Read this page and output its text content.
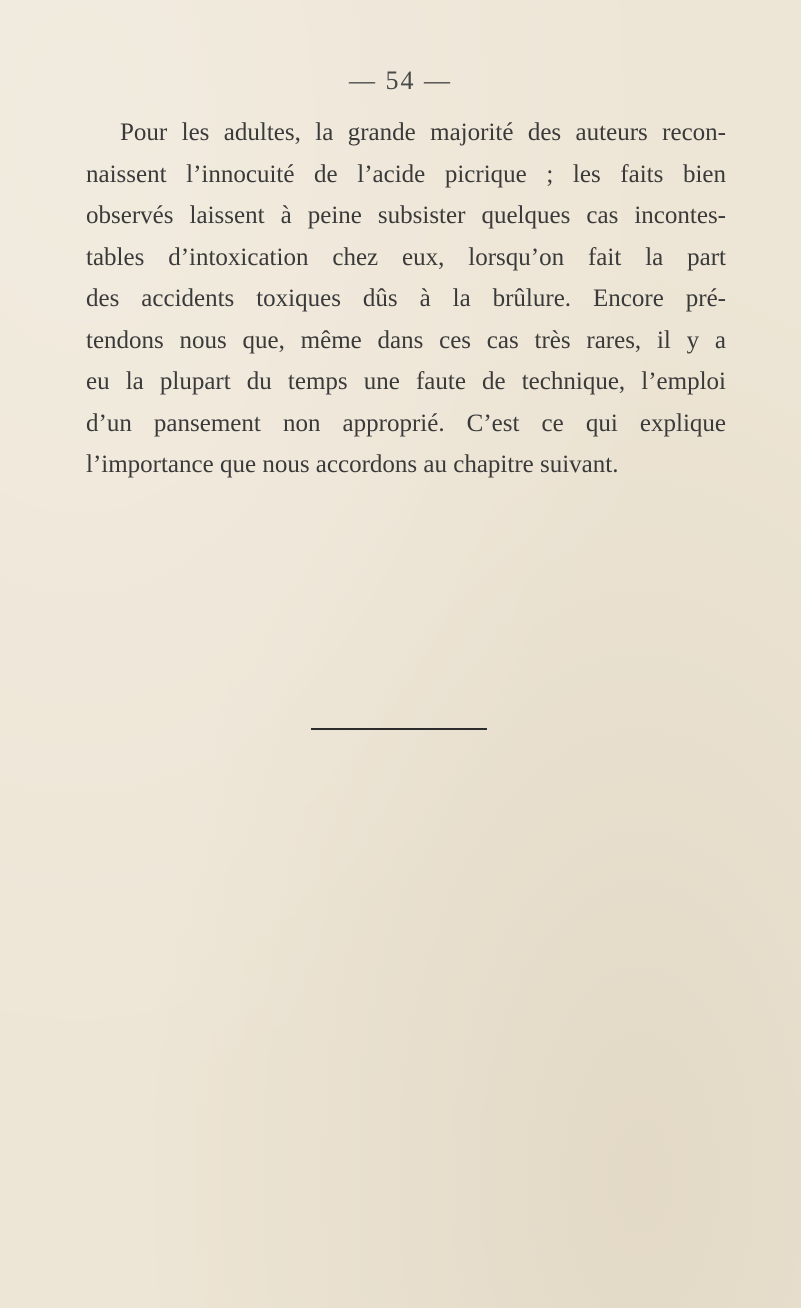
— 54 —

Pour les adultes, la grande majorité des auteurs recon-
naissent l’innocuité de l’acide picrique ; les faits bien
observés laissent à peine subsister quelques cas incontes-
tables d’intoxication chez eux, lorsqu’on fait la part
des accidents toxiques dûs à la brûlure. Encore pré-
tendons nous que, même dans ces cas très rares, il y a
eu la plupart du temps une faute de technique, l’emploi
d’un pansement non approprié. C’est ce qui explique
l’importance que nous accordons au chapitre suivant.
